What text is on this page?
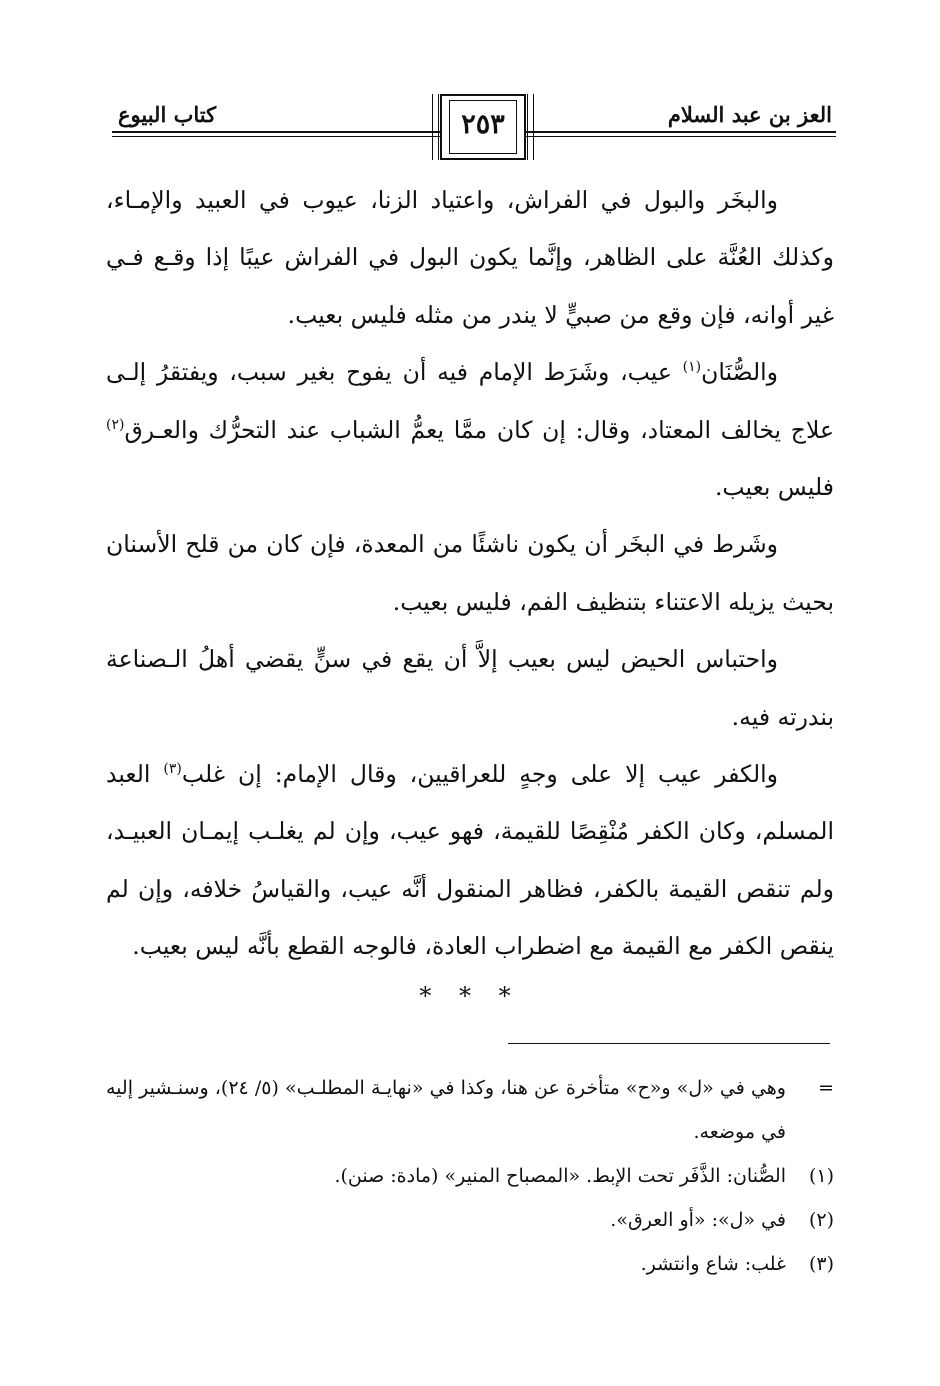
العز بن عبد السلام
كتاب البيوع	٢٥٣

والبخَر والبول في الفراش، واعتياد الزنا، عيوب في العبيد والإمـاء، وكذلك العُنَّة على الظاهر، وإنَّما يكون البول في الفراش عيبًا إذا وقـع فـي غير أوانه، فإن وقع من صبيٍّ لا يندر من مثله فليس بعيب.

والصُّنَان$^{(١)}$ عيب، وشَرَط الإمام فيه أن يفوح بغير سبب، ويفتقرُ إلـى علاج يخالف المعتاد، وقال: إن كان ممَّا يعمُّ الشباب عند التحرُّك والعـرق$^{(٢)}$ فليس بعيب.

وشَرط في البخَر أن يكون ناشئًا من المعدة، فإن كان من قلح الأسنان بحيث يزيله الاعتناء بتنظيف الفم، فليس بعيب.

واحتباس الحيض ليس بعيب إلاَّ أن يقع في سنٍّ يقضي أهلُ الـصناعة بندرته فيه.

والكفر عيب إلا على وجهٍ للعراقيين، وقال الإمام: إن غلب$^{(٣)}$ العبد المسلم، وكان الكفر مُنْقِصًا للقيمة، فهو عيب، وإن لم يغلـب إيمـان العبيـد، ولم تنقص القيمة بالكفر، فظاهر المنقول أنَّه عيب، والقياسُ خلافه، وإن لم ينقص الكفر مع القيمة مع اضطراب العادة، فالوجه القطع بأنَّه ليس بعيب.

* * *

=
وهي في «ل» و«ح» متأخرة عن هنا، وكذا في «نهايـة المطلـب» (٥/ ٢٤)، وسنـشير إليه في موضعه.

(١)
الصُّنان: الذَّفَر تحت الإبط. «المصباح المنير» (مادة: صنن).

(٢)
في «ل»: «أو العرق».

(٣)
غلب: شاع وانتشر.
